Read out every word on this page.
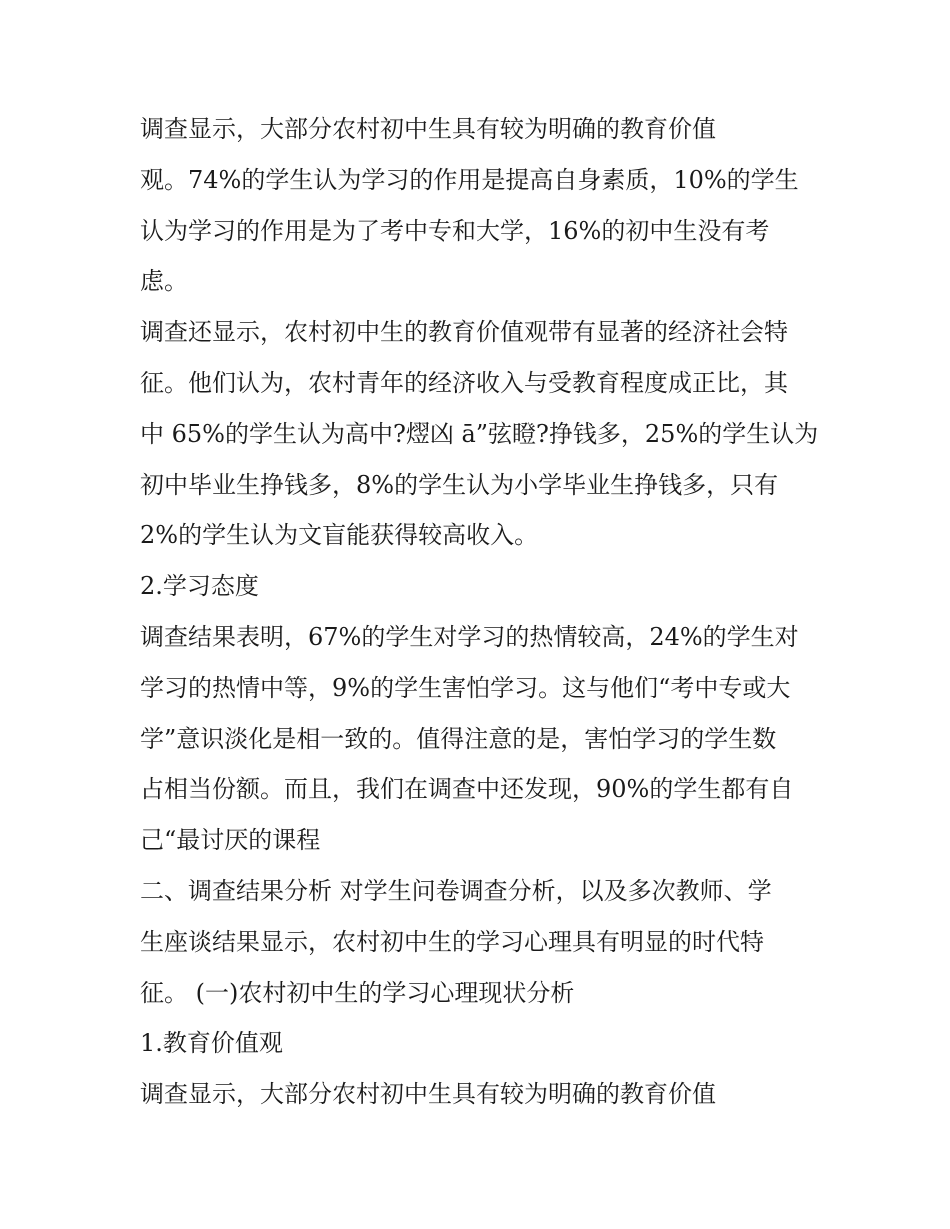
调查显示，大部分农村初中生具有较为明确的教育价值
观。74%的学生认为学习的作用是提高自身素质，10%的学生
认为学习的作用是为了考中专和大学，16%的初中生没有考
虑。
调查还显示，农村初中生的教育价值观带有显著的经济社会特
征。他们认为，农村青年的经济收入与受教育程度成正比，其
中 65%的学生认为高中?熤凶 ā”弦瞪?挣钱多，25%的学生认为
初中毕业生挣钱多，8%的学生认为小学毕业生挣钱多，只有
2%的学生认为文盲能获得较高收入。
2.学习态度
调查结果表明，67%的学生对学习的热情较高，24%的学生对
学习的热情中等，9%的学生害怕学习。这与他们“考中专或大
学”意识淡化是相一致的。值得注意的是，害怕学习的学生数
占相当份额。而且，我们在调查中还发现，90%的学生都有自
己“最讨厌的课程
二、调查结果分析 对学生问卷调查分析，以及多次教师、学
生座谈结果显示，农村初中生的学习心理具有明显的时代特
征。 (一)农村初中生的学习心理现状分析
1.教育价值观
调查显示，大部分农村初中生具有较为明确的教育价值
